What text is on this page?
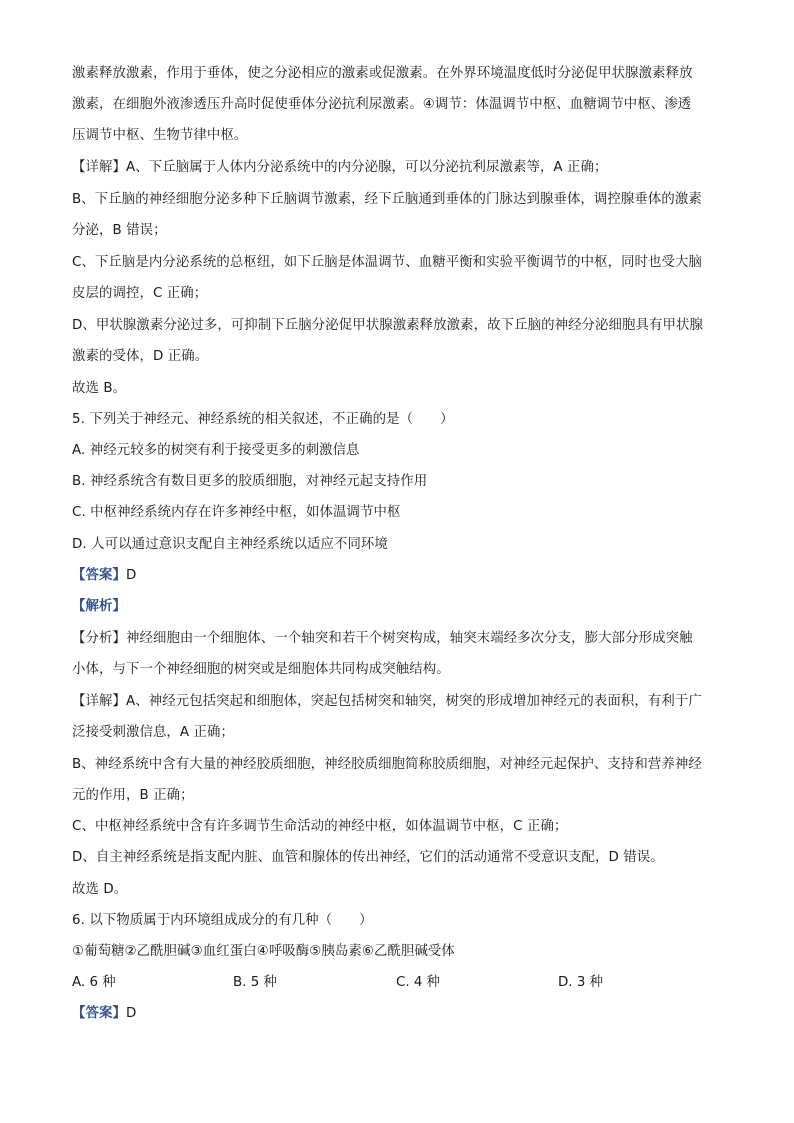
激素释放激素，作用于垂体，使之分泌相应的激素或促激素。在外界环境温度低时分泌促甲状腺激素释放
激素，在细胞外液渗透压升高时促使垂体分泌抗利尿激素。④调节：体温调节中枢、血糖调节中枢、渗透
压调节中枢、生物节律中枢。
【详解】A、下丘脑属于人体内分泌系统中的内分泌腺，可以分泌抗利尿激素等，A 正确；
B、下丘脑的神经细胞分泌多种下丘脑调节激素，经下丘脑通到垂体的门脉达到腺垂体，调控腺垂体的激素
分泌，B 错误；
C、下丘脑是内分泌系统的总枢纽，如下丘脑是体温调节、血糖平衡和实验平衡调节的中枢，同时也受大脑
皮层的调控，C 正确；
D、甲状腺激素分泌过多，可抑制下丘脑分泌促甲状腺激素释放激素，故下丘脑的神经分泌细胞具有甲状腺
激素的受体，D 正确。
故选 B。
5. 下列关于神经元、神经系统的相关叙述，不正确的是（　　）
A. 神经元较多的树突有利于接受更多的刺激信息
B. 神经系统含有数目更多的胶质细胞，对神经元起支持作用
C. 中枢神经系统内存在许多神经中枢，如体温调节中枢
D. 人可以通过意识支配自主神经系统以适应不同环境
【答案】D
【解析】
【分析】神经细胞由一个细胞体、一个轴突和若干个树突构成，轴突末端经多次分支，膨大部分形成突触
小体，与下一个神经细胞的树突或是细胞体共同构成突触结构。
【详解】A、神经元包括突起和细胞体，突起包括树突和轴突，树突的形成增加神经元的表面积，有利于广
泛接受刺激信息，A 正确；
B、神经系统中含有大量的神经胶质细胞，神经胶质细胞简称胶质细胞，对神经元起保护、支持和营养神经
元的作用，B 正确；
C、中枢神经系统中含有许多调节生命活动的神经中枢，如体温调节中枢，C 正确；
D、自主神经系统是指支配内脏、血管和腺体的传出神经，它们的活动通常不受意识支配，D 错误。
故选 D。
6. 以下物质属于内环境组成成分的有几种（　　）
①葡萄糖②乙酰胆碱③血红蛋白④呼吸酶⑤胰岛素⑥乙酰胆碱受体
A. 6 种	B. 5 种	C. 4 种	D. 3 种
【答案】D
